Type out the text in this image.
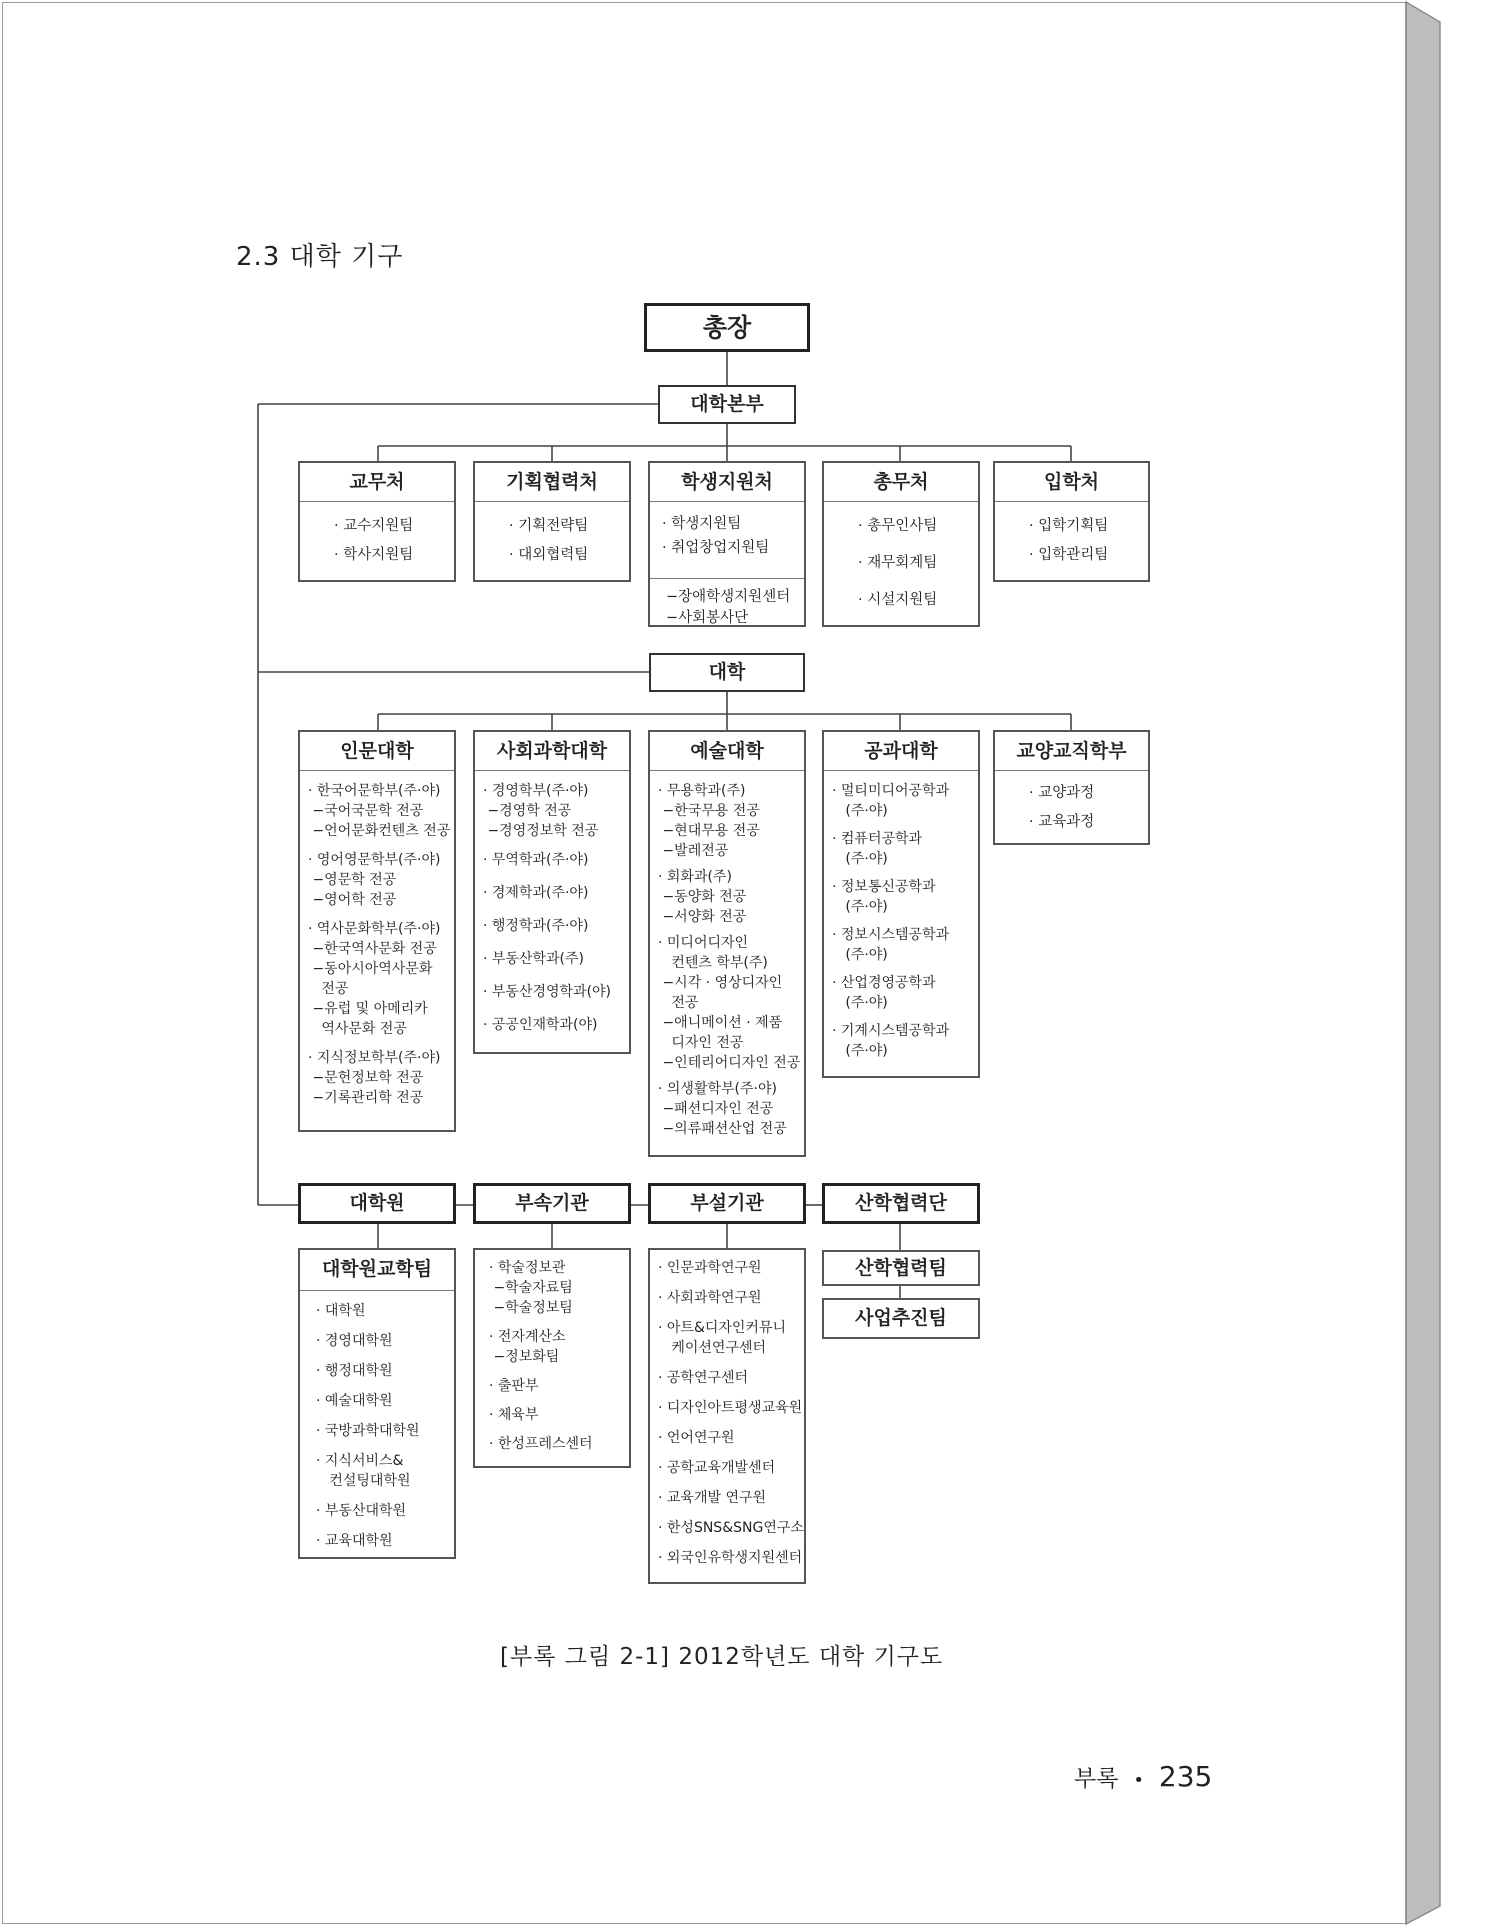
2.3 대학 기구
총장
대학본부
교무처
· 교수지원팀
· 학사지원팀
기획협력처
· 기획전략팀
· 대외협력팀
학생지원처
· 학생지원팀
· 취업창업지원팀
−장애학생지원센터
−사회봉사단
총무처
· 총무인사팀
· 재무회계팀
· 시설지원팀
입학처
· 입학기획팀
· 입학관리팀
대학
인문대학
· 한국어문학부(주·야)
−국어국문학 전공
−언어문화컨텐츠 전공
· 영어영문학부(주·야)
−영문학 전공
−영어학 전공
· 역사문화학부(주·야)
−한국역사문화 전공
−동아시아역사문화
전공
−유럽 및 아메리카
역사문화 전공
· 지식정보학부(주·야)
−문헌정보학 전공
−기록관리학 전공
사회과학대학
· 경영학부(주·야)
−경영학 전공
−경영정보학 전공
· 무역학과(주·야)
· 경제학과(주·야)
· 행정학과(주·야)
· 부동산학과(주)
· 부동산경영학과(야)
· 공공인재학과(야)
예술대학
· 무용학과(주)
−한국무용 전공
−현대무용 전공
−발레전공
· 회화과(주)
−동양화 전공
−서양화 전공
· 미디어디자인
컨텐츠 학부(주)
−시각 · 영상디자인
전공
−애니메이션 · 제품
디자인 전공
−인테리어디자인 전공
· 의생활학부(주·야)
−패션디자인 전공
−의류패션산업 전공
공과대학
· 멀티미디어공학과
(주·야)
· 컴퓨터공학과
(주·야)
· 정보통신공학과
(주·야)
· 정보시스템공학과
(주·야)
· 산업경영공학과
(주·야)
· 기계시스템공학과
(주·야)
교양교직학부
· 교양과정
· 교육과정
대학원	부속기관	부설기관	산학협력단
대학원교학팀
· 대학원
· 경영대학원
· 행정대학원
· 예술대학원
· 국방과학대학원
· 지식서비스&
컨설팅대학원
· 부동산대학원
· 교육대학원
· 학술정보관
−학술자료팀
−학술정보팀
· 전자계산소
−정보화팀
· 출판부
· 체육부
· 한성프레스센터
· 인문과학연구원
· 사회과학연구원
· 아트&디자인커뮤니
케이션연구센터
· 공학연구센터
· 디자인아트평생교육원
· 언어연구원
· 공학교육개발센터
· 교육개발 연구원
· 한성SNS&SNG연구소
· 외국인유학생지원센터
산학협력팀
사업추진팀
[부록 그림 2-1] 2012학년도 대학 기구도
부록 • 235
